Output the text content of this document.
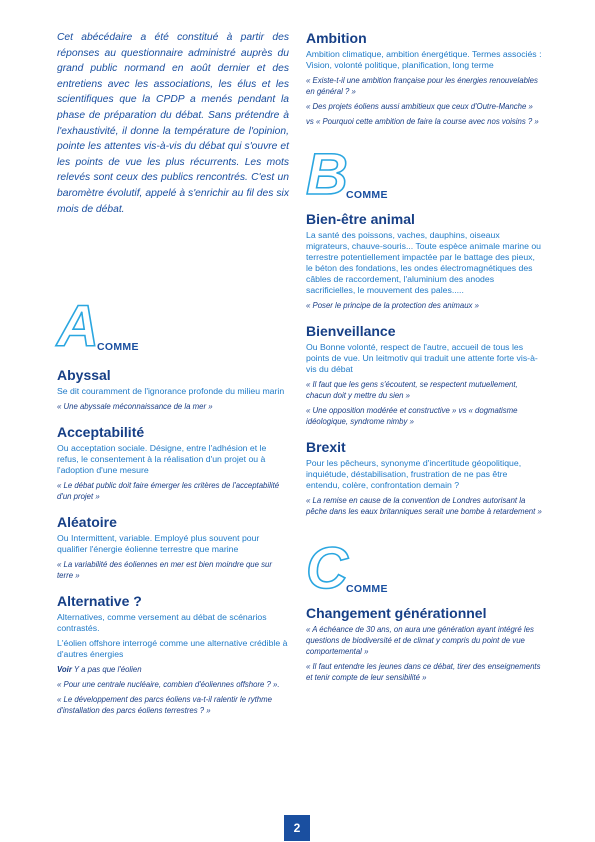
Cet abécédaire a été constitué à partir des réponses au questionnaire administré auprès du grand public normand en août dernier et des entretiens avec les associations, les élus et les scientifiques que la CPDP a menés pendant la phase de préparation du débat. Sans prétendre à l'exhaustivité, il donne la température de l'opinion, pointe les attentes vis-à-vis du débat qui s'ouvre et les points de vue les plus récurrents. Les mots relevés sont ceux des publics rencontrés. C'est un baromètre évolutif, appelé à s'enrichir au fil des six mois de débat.

A
COMME
Abyssal

Se dit couramment de l'ignorance profonde du milieu marin

« Une abyssale méconnaissance de la mer »

Acceptabilité

Ou acceptation sociale. Désigne, entre l'adhésion et le refus, le consentement à la réalisation d'un projet ou à l'adoption d'une mesure

« Le débat public doit faire émerger les critères de l'acceptabilité d'un projet »

Aléatoire

Ou Intermittent, variable. Employé plus souvent pour qualifier l'énergie éolienne terrestre que marine

« La variabilité des éoliennes en mer est bien moindre que sur terre »

Alternative ?

Alternatives, comme versement au débat de scénarios contrastés.

L'éolien offshore interrogé comme une alternative crédible à d'autres énergies

Voir Y a pas que l'éolien

« Pour une centrale nucléaire, combien d'éoliennes offshore ? ».

« Le développement des parcs éoliens va-t-il ralentir le rythme d'installation des parcs éoliens terrestres ? »

Ambition

Ambition climatique, ambition énergétique. Termes associés : Vision, volonté politique, planification, long terme

« Existe-t-il une ambition française pour les énergies renouvelables en général ? »

« Des projets éoliens aussi ambitieux que ceux d'Outre-Manche »

vs « Pourquoi cette ambition de faire la course avec nos voisins ? »

B
COMME
Bien-être animal

La santé des poissons, vaches, dauphins, oiseaux migrateurs, chauve-souris... Toute espèce animale marine ou terrestre potentiellement impactée par le battage des pieux, le béton des fondations, les ondes électromagnétiques des câbles de raccordement, l'aluminium des anodes sacrificielles, le mouvement des pales.....

« Poser le principe de la protection des animaux »

Bienveillance

Ou Bonne volonté, respect de l'autre, accueil de tous les points de vue. Un leitmotiv qui traduit une attente forte vis-à-vis du débat

« Il faut que les gens s'écoutent, se respectent mutuellement, chacun doit y mettre du sien »

« Une opposition modérée et constructive » vs « dogmatisme idéologique, syndrome nimby »

Brexit

Pour les pêcheurs, synonyme d'incertitude géopolitique, inquiétude, déstabilisation, frustration de ne pas être entendu, colère, confrontation demain ?

« La remise en cause de la convention de Londres autorisant la pêche dans les eaux britanniques serait une bombe à retardement »

C
COMME
Changement générationnel

« A échéance de 30 ans, on aura une génération ayant intégré les questions de biodiversité et de climat y compris du point de vue comportemental »

« Il faut entendre les jeunes dans ce débat, tirer des enseignements et tenir compte de leur sensibilité »

2
